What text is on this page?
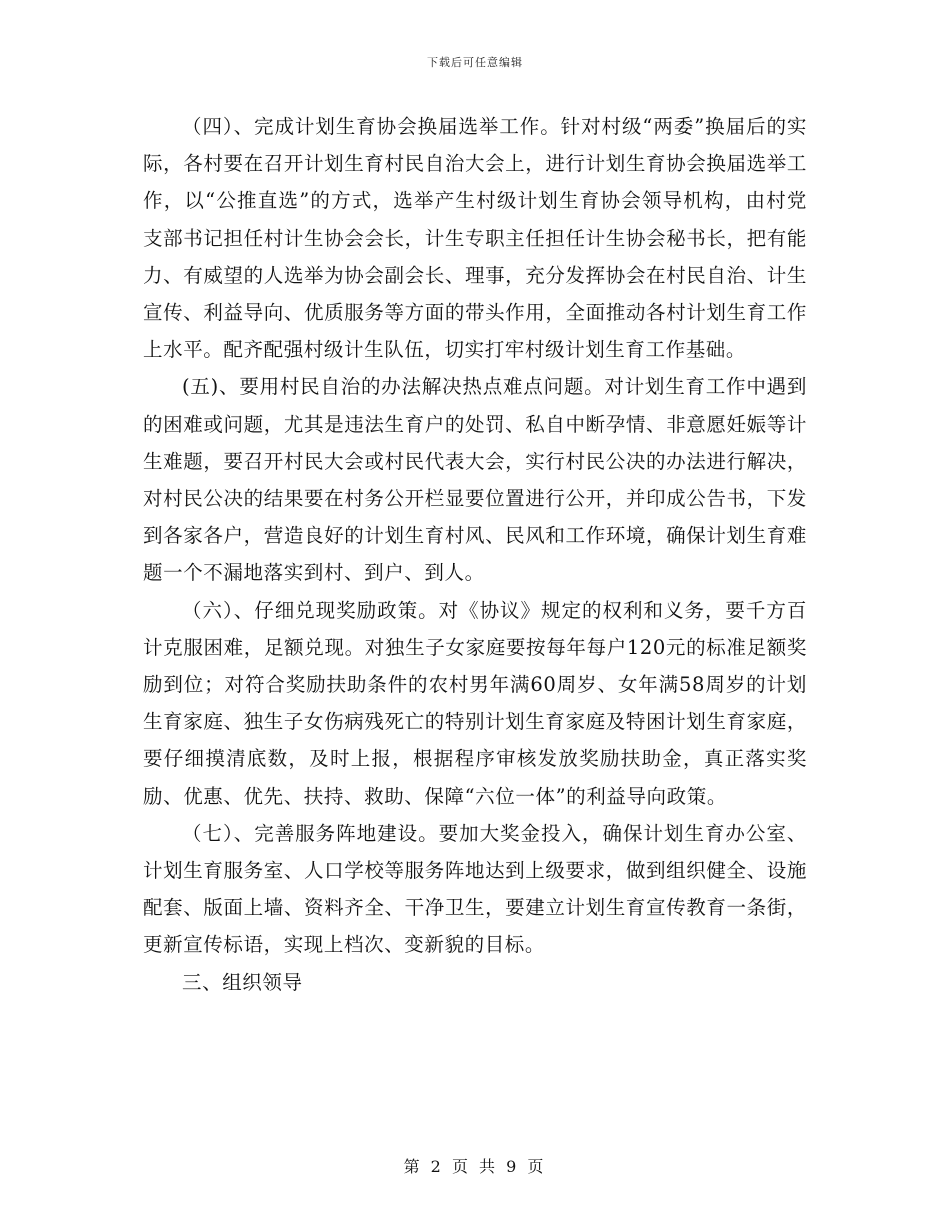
下载后可任意编辑

（四）、完成计划生育协会换届选举工作。针对村级“两委”换届后的实际，各村要在召开计划生育村民自治大会上，进行计划生育协会换届选举工作，以“公推直选”的方式，选举产生村级计划生育协会领导机构，由村党支部书记担任村计生协会会长，计生专职主任担任计生协会秘书长，把有能力、有威望的人选举为协会副会长、理事，充分发挥协会在村民自治、计生宣传、利益导向、优质服务等方面的带头作用，全面推动各村计划生育工作上水平。配齐配强村级计生队伍，切实打牢村级计划生育工作基础。

(五)、要用村民自治的办法解决热点难点问题。对计划生育工作中遇到的困难或问题，尤其是违法生育户的处罚、私自中断孕情、非意愿妊娠等计生难题，要召开村民大会或村民代表大会，实行村民公决的办法进行解决，对村民公决的结果要在村务公开栏显要位置进行公开，并印成公告书，下发到各家各户，营造良好的计划生育村风、民风和工作环境，确保计划生育难题一个不漏地落实到村、到户、到人。

（六）、仔细兑现奖励政策。对《协议》规定的权利和义务，要千方百计克服困难，足额兑现。对独生子女家庭要按每年每户120元的标准足额奖励到位；对符合奖励扶助条件的农村男年满60周岁、女年满58周岁的计划生育家庭、独生子女伤病残死亡的特别计划生育家庭及特困计划生育家庭，要仔细摸清底数，及时上报，根据程序审核发放奖励扶助金，真正落实奖励、优惠、优先、扶持、救助、保障“六位一体”的利益导向政策。

（七）、完善服务阵地建设。要加大奖金投入，确保计划生育办公室、计划生育服务室、人口学校等服务阵地达到上级要求，做到组织健全、设施配套、版面上墙、资料齐全、干净卫生，要建立计划生育宣传教育一条街，更新宣传标语，实现上档次、变新貌的目标。

三、组织领导

第 2 页 共 9 页
